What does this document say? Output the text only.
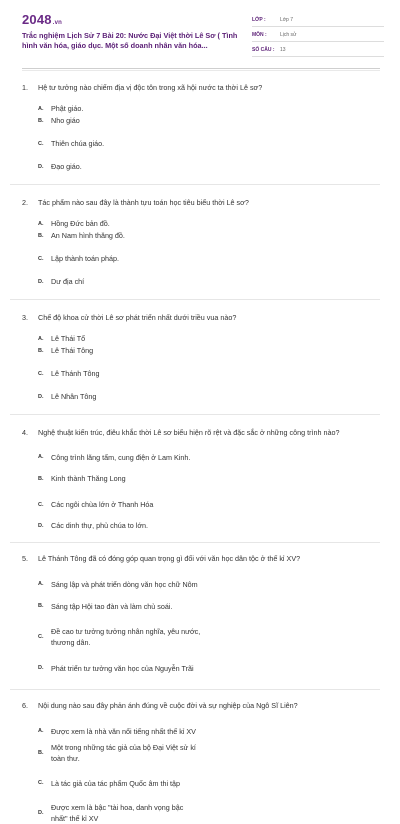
2048.vn
Trắc nghiệm Lịch Sử 7 Bài 20: Nước Đại Việt thời Lê Sơ ( Tình hình văn hóa, giáo dục. Một số doanh nhân văn hóa...
LỚP :	Lớp 7
MÔN :	Lịch sử
SỐ CÂU :	13
1.	Hệ tư tưởng nào chiếm địa vị độc tôn trong xã hội nước ta thời Lê sơ?
A.	Phật giáo.
B.	Nho giáo
C.	Thiên chúa giáo.
D.	Đạo giáo.
2.	Tác phẩm nào sau đây là thành tựu toán học tiêu biểu thời Lê sơ?
A.	Hồng Đức bản đồ.
B.	An Nam hình thăng đồ.
C.	Lập thành toán pháp.
D.	Dư địa chí
3.	Chế độ khoa cử thời Lê sơ phát triển nhất dưới triều vua nào?
A.	Lê Thái Tổ
B.	Lê Thái Tông
C.	Lê Thánh Tông
D.	Lê Nhân Tông
4.	Nghệ thuật kiến trúc, điêu khắc thời Lê sơ biểu hiện rõ rệt và đặc sắc ở những công trình nào?
A.	Công trình lăng tẩm, cung điện ở Lam Kinh.
B.	Kinh thành Thăng Long
C.	Các ngôi chùa lớn ở Thanh Hóa
D.	Các dinh thự, phủ chúa to lớn.
5.	Lê Thánh Tông đã có đóng góp quan trọng gì đối với văn học dân tộc ở thế kỉ XV?
A.	Sáng lập và phát triển dòng văn học chữ Nôm
B.	Sáng tập Hội tao đàn và làm chủ soái.
C.
Đề cao tư tưởng tưởng nhân nghĩa, yêu nước, thương dân.
D.	Phát triển tư tưởng văn học của Nguyễn Trãi
6.	Nội dung nào sau đây phản ánh đúng về cuộc đời và sự nghiệp của Ngô Sĩ Liên?
A.	Được xem là nhà văn nổi tiếng nhất thế kỉ XV
B.
Một trong những tác giả của bộ Đại Việt sử kí toàn thư.
C.	Là tác giả của tác phẩm Quốc âm thi tập
D.
Được xem là bậc "tài hoa, danh vọng bậc nhất" thế kỉ XV
